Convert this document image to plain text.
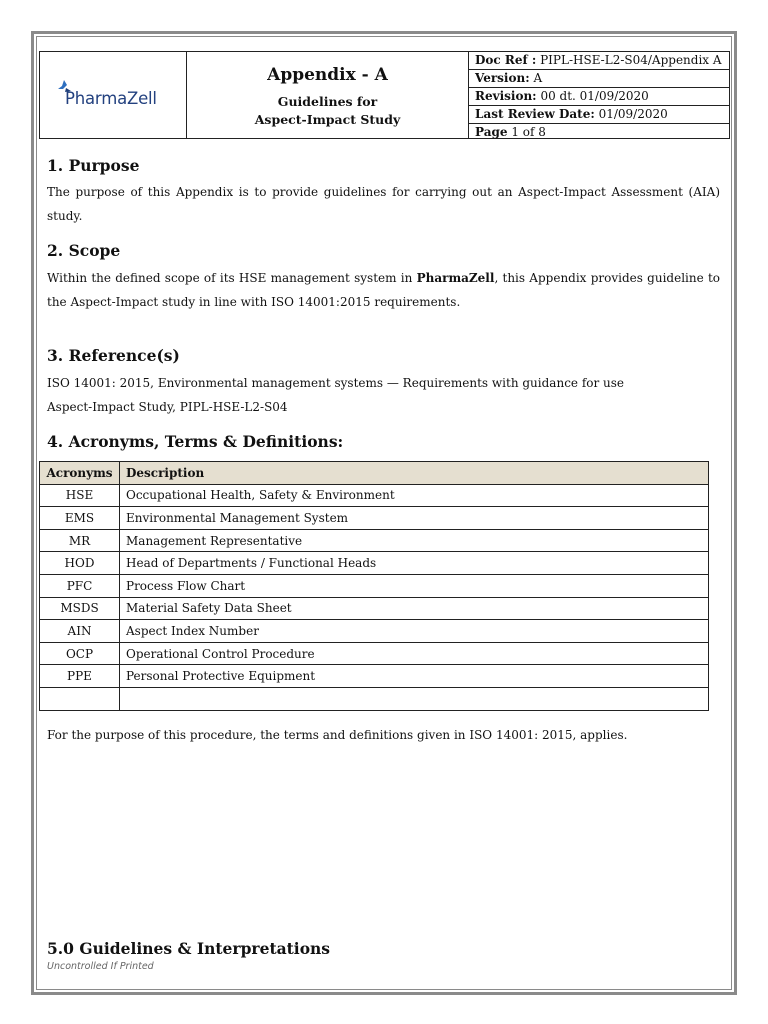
PharmaZell
Appendix - A
Guidelines for
Aspect-Impact Study
Doc Ref : PIPL-HSE-L2-S04/Appendix A
Version: A
Revision: 00 dt. 01/09/2020
Last Review Date: 01/09/2020
Page 1 of 8
1. Purpose

The purpose of this Appendix is to provide guidelines for carrying out an Aspect-Impact Assessment (AIA) study.

2. Scope

Within the defined scope of its HSE management system in PharmaZell, this Appendix provides guideline to the Aspect-Impact study in line with ISO 14001:2015 requirements.

3. Reference(s)

ISO 14001: 2015, Environmental management systems — Requirements with guidance for use

Aspect-Impact Study, PIPL-HSE-L2-S04

4. Acronyms, Terms & Definitions:
Acronyms	Description
HSE	Occupational Health, Safety & Environment
EMS	Environmental Management System
MR	Management Representative
HOD	Head of Departments / Functional Heads
PFC	Process Flow Chart
MSDS	Material Safety Data Sheet
AIN	Aspect Index Number
OCP	Operational Control Procedure
PPE	Personal Protective Equipment

For the purpose of this procedure, the terms and definitions given in ISO 14001: 2015, applies.

5.0 Guidelines & Interpretations
Uncontrolled If Printed
